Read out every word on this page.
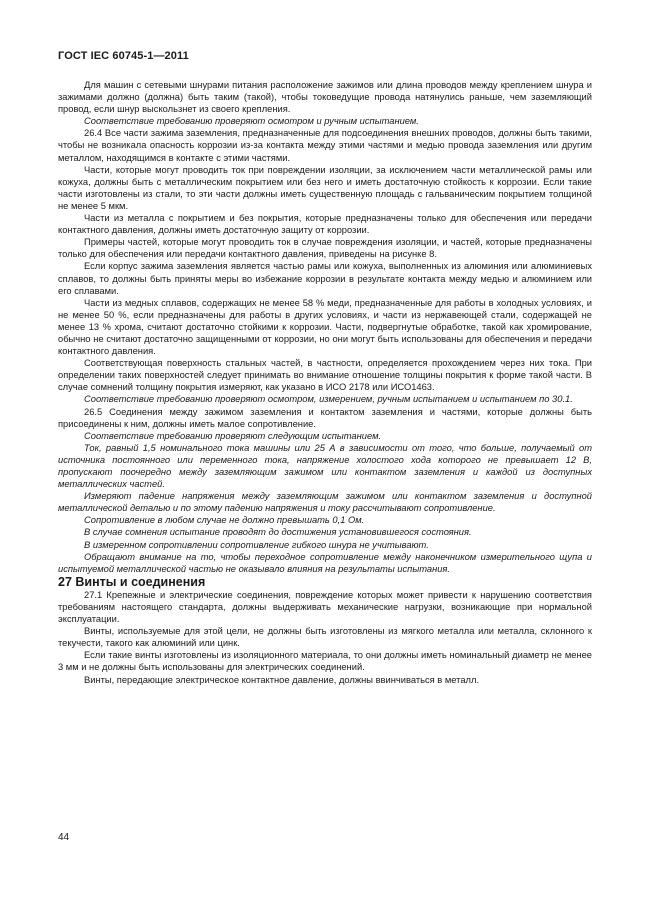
ГОСТ IEC 60745-1—2011

Для машин с сетевыми шнурами питания расположение зажимов или длина проводов между креплением шнура и зажимами должно (должна) быть таким (такой), чтобы токоведущие провода натянулись раньше, чем заземляющий провод, если шнур выскользнет из своего крепления.

Соответствие требованию проверяют осмотром и ручным испытанием.

26.4 Все части зажима заземления, предназначенные для подсоединения внешних проводов, должны быть такими, чтобы не возникала опасность коррозии из-за контакта между этими частями и медью провода заземления или другим металлом, находящимся в контакте с этими частями.

Части, которые могут проводить ток при повреждении изоляции, за исключением части металлической рамы или кожуха, должны быть с металлическим покрытием или без него и иметь достаточную стойкость к коррозии. Если такие части изготовлены из стали, то эти части должны иметь существенную площадь с гальваническим покрытием толщиной не менее 5 мкм.

Части из металла с покрытием и без покрытия, которые предназначены только для обеспечения или передачи контактного давления, должны иметь достаточную защиту от коррозии.

Примеры частей, которые могут проводить ток в случае повреждения изоляции, и частей, которые предназначены только для обеспечения или передачи контактного давления, приведены на рисунке 8.

Если корпус зажима заземления является частью рамы или кожуха, выполненных из алюминия или алюминиевых сплавов, то должны быть приняты меры во избежание коррозии в результате контакта между медью и алюминием или его сплавами.

Части из медных сплавов, содержащих не менее 58 % меди, предназначенные для работы в холодных условиях, и не менее 50 %, если предназначены для работы в других условиях, и части из нержавеющей стали, содержащей не менее 13 % хрома, считают достаточно стойкими к коррозии. Части, подвергнутые обработке, такой как хромирование, обычно не считают достаточно защищенными от коррозии, но они могут быть использованы для обеспечения и передачи контактного давления.

Соответствующая поверхность стальных частей, в частности, определяется прохождением через них тока. При определении таких поверхностей следует принимать во внимание отношение толщины покрытия к форме такой части. В случае сомнений толщину покрытия измеряют, как указано в ИСО 2178 или ИСО1463.

Соответствие требованию проверяют осмотром, измерением, ручным испытанием и испытанием по 30.1.

26.5 Соединения между зажимом заземления и контактом заземления и частями, которые должны быть присоединены к ним, должны иметь малое сопротивление.

Соответствие требованию проверяют следующим испытанием.

Ток, равный 1,5 номинального тока машины или 25 А в зависимости от того, что больше, получаемый от источника постоянного или переменного тока, напряжение холостого хода которого не превышает 12 В, пропускают поочередно между заземляющим зажимом или контактом заземления и каждой из доступных металлических частей.

Измеряют падение напряжения между заземляющим зажимом или контактом заземления и доступной металлической деталью и по этому падению напряжения и току рассчитывают сопротивление.

Сопротивление в любом случае не должно превышать 0,1 Ом.

В случае сомнения испытание проводят до достижения установившегося состояния.

В измеренном сопротивлении сопротивление гибкого шнура не учитывают.

Обращают внимание на то, чтобы переходное сопротивление между наконечником измерительного щупа и испытуемой металлической частью не оказывало влияния на результаты испытания.

27 Винты и соединения

27.1 Крепежные и электрические соединения, повреждение которых может привести к нарушению соответствия требованиям настоящего стандарта, должны выдерживать механические нагрузки, возникающие при нормальной эксплуатации.

Винты, используемые для этой цели, не должны быть изготовлены из мягкого металла или металла, склонного к текучести, такого как алюминий или цинк.

Если такие винты изготовлены из изоляционного материала, то они должны иметь номинальный диаметр не менее 3 мм и не должны быть использованы для электрических соединений.

Винты, передающие электрическое контактное давление, должны ввинчиваться в металл.

44
